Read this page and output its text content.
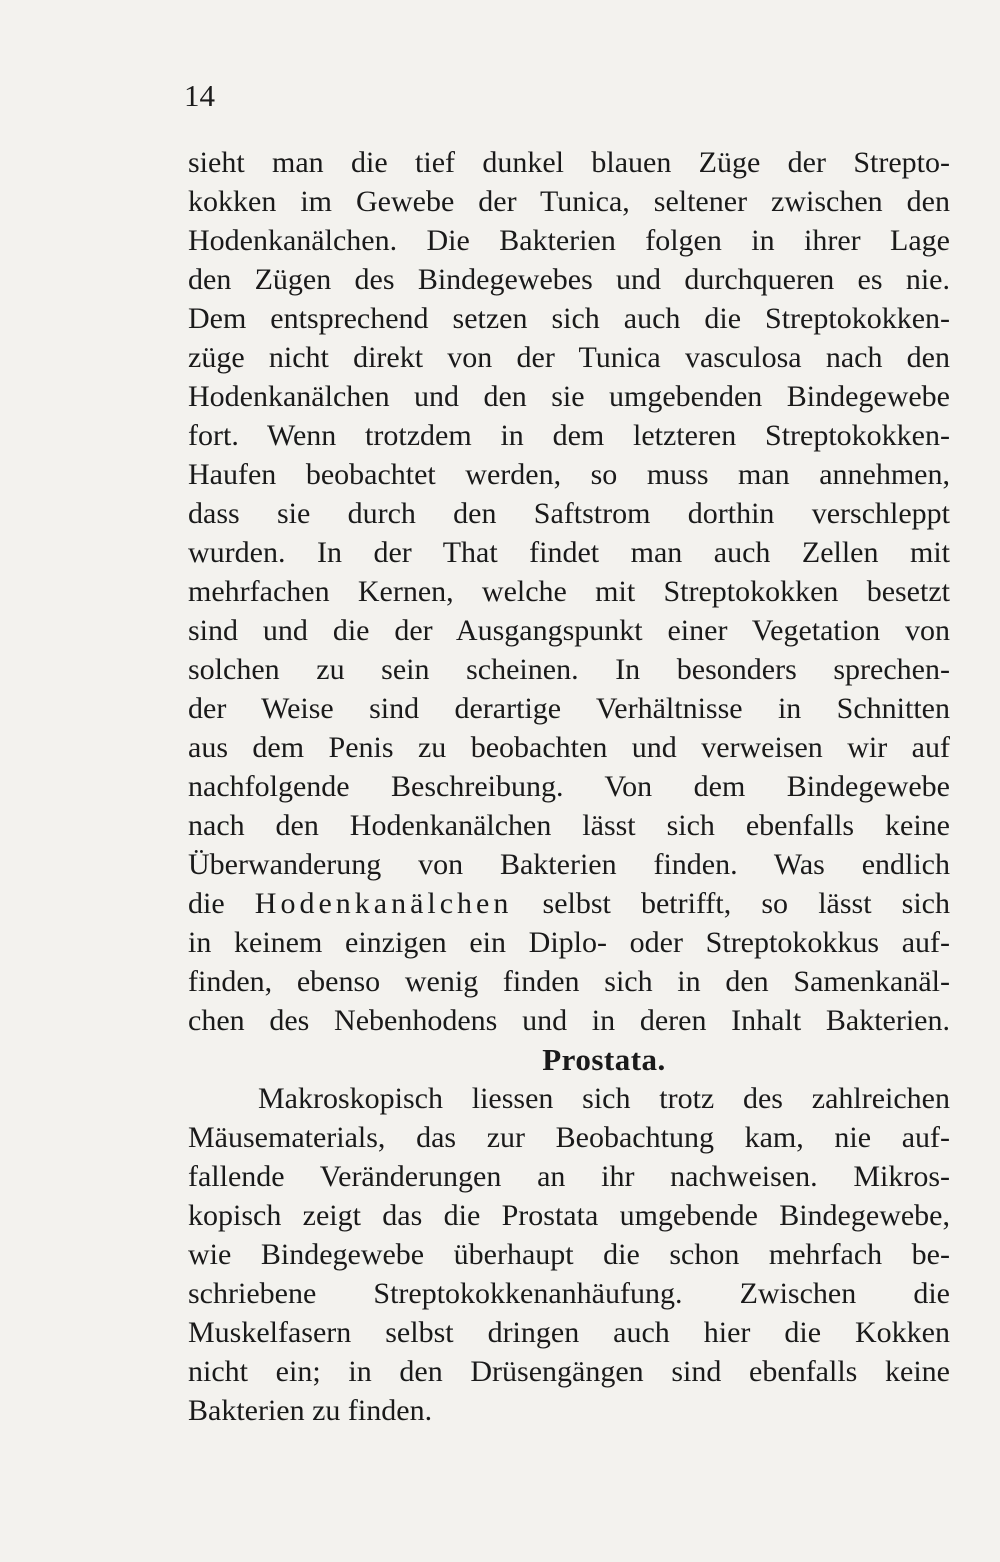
14
sieht man die tief dunkel blauen Züge der Strepto-
kokken im Gewebe der Tunica, seltener zwischen den
Hodenkanälchen. Die Bakterien folgen in ihrer Lage
den Zügen des Bindegewebes und durchqueren es nie.
Dem entsprechend setzen sich auch die Streptokokken-
züge nicht direkt von der Tunica vasculosa nach den
Hodenkanälchen und den sie umgebenden Bindegewebe
fort. Wenn trotzdem in dem letzteren Streptokokken-
Haufen beobachtet werden, so muss man annehmen,
dass sie durch den Saftstrom dorthin verschleppt
wurden. In der That findet man auch Zellen mit
mehrfachen Kernen, welche mit Streptokokken besetzt
sind und die der Ausgangspunkt einer Vegetation von
solchen zu sein scheinen. In besonders sprechen-
der Weise sind derartige Verhältnisse in Schnitten
aus dem Penis zu beobachten und verweisen wir auf
nachfolgende Beschreibung. Von dem Bindegewebe
nach den Hodenkanälchen lässt sich ebenfalls keine
Überwanderung von Bakterien finden. Was endlich
die Hodenkanälchen selbst betrifft, so lässt sich
in keinem einzigen ein Diplo- oder Streptokokkus auf-
finden, ebenso wenig finden sich in den Samenkanäl-
chen des Nebenhodens und in deren Inhalt Bakterien.
Prostata.
Makroskopisch liessen sich trotz des zahlreichen
Mäusematerials, das zur Beobachtung kam, nie auf-
fallende Veränderungen an ihr nachweisen. Mikros-
kopisch zeigt das die Prostata umgebende Bindegewebe,
wie Bindegewebe überhaupt die schon mehrfach be-
schriebene Streptokokkenanhäufung. Zwischen die
Muskelfasern selbst dringen auch hier die Kokken
nicht ein; in den Drüsengängen sind ebenfalls keine
Bakterien zu finden.
